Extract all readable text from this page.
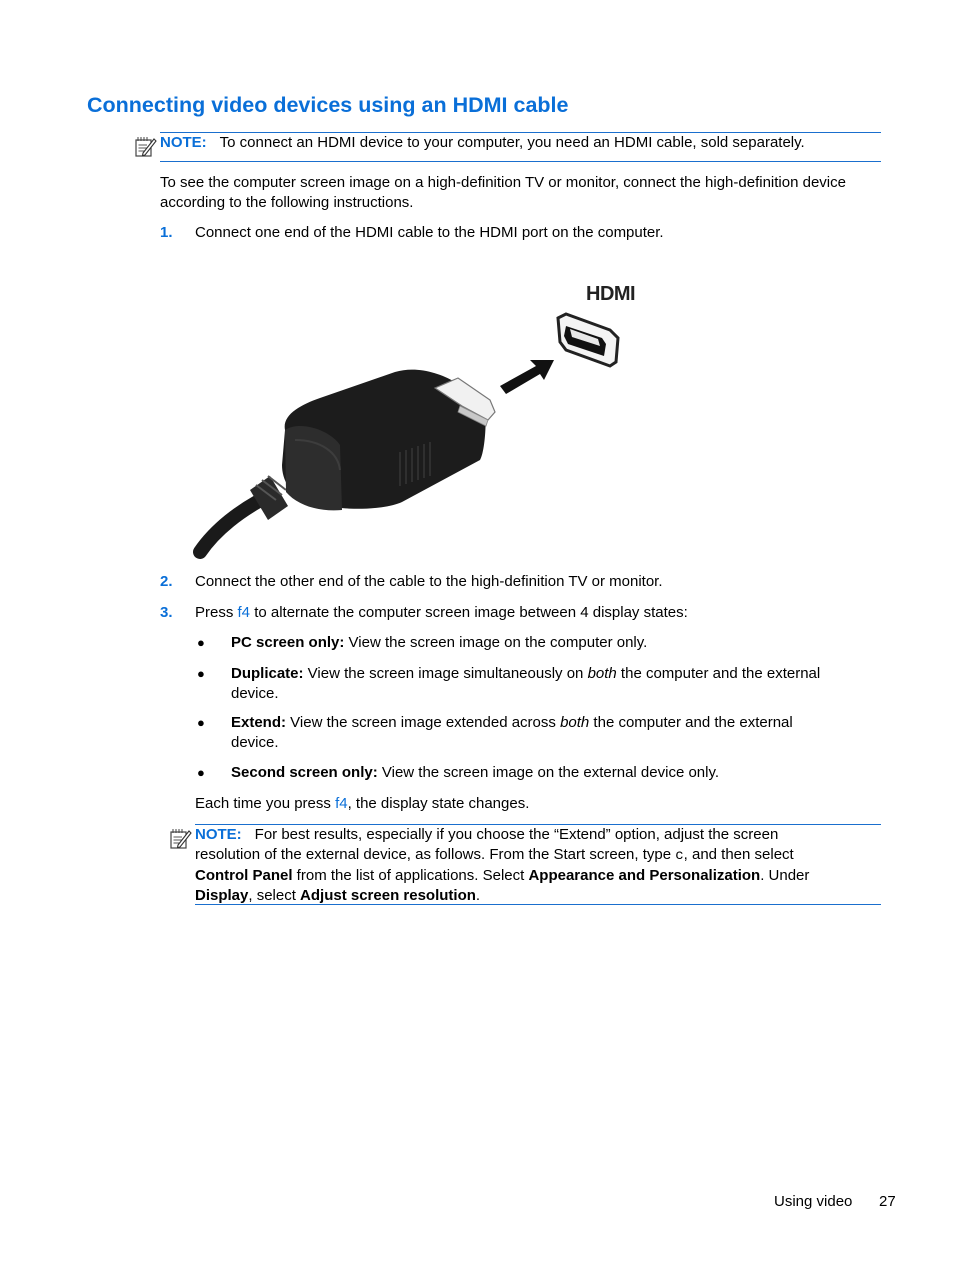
Connecting video devices using an HDMI cable
NOTE: To connect an HDMI device to your computer, you need an HDMI cable, sold separately.

To see the computer screen image on a high-definition TV or monitor, connect the high-definition device according to the following instructions.

1. Connect one end of the HDMI cable to the HDMI port on the computer.
HDMI
2. Connect the other end of the cable to the high-definition TV or monitor.
3. Press f4 to alternate the computer screen image between 4 display states:
● PC screen only: View the screen image on the computer only.
● Duplicate: View the screen image simultaneously on both the computer and the external
device.
● Extend: View the screen image extended across both the computer and the external
device.
● Second screen only: View the screen image on the external device only.
Each time you press f4, the display state changes.
NOTE: For best results, especially if you choose the “Extend” option, adjust the screen
resolution of the external device, as follows. From the Start screen, type c, and then select
Control Panel from the list of applications. Select Appearance and Personalization. Under
Display, select Adjust screen resolution.
Using video 27
